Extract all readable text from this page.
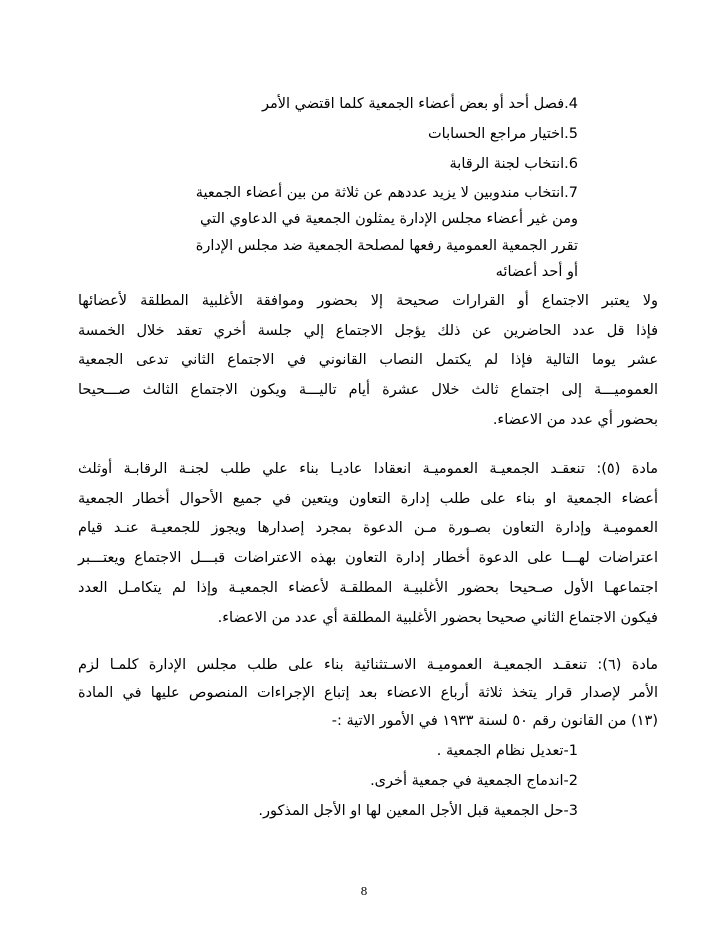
4.فصل أحد أو بعض أعضاء الجمعية كلما اقتضي الأمر
5.اختيار مراجع الحسابات
6.انتخاب لجنة الرقابة
7.انتخاب مندوبين لا يزيد عددهم عن ثلاثة من بين أعضاء الجمعية
ومن غير أعضاء مجلس الإدارة يمثلون الجمعية في الدعاوي التي
تقرر الجمعية العمومية رفعها لمصلحة الجمعية ضد مجلس الإدارة
أو أحد أعضائه
ولا يعتبر الاجتماع أو القرارات صحيحة إلا بحضور وموافقة الأغلبية المطلقة لأعضائها
فإذا قل عدد الحاضرين عن ذلك يؤجل الاجتماع إلي جلسة أخري تعقد خلال الخمسة
عشر يوما التالية فإذا لم يكتمل النصاب القانوني في الاجتماع الثاني تدعى الجمعية
العموميـــة إلى اجتماع ثالث خلال عشرة أيام تاليـــة ويكون الاجتماع الثالث صـــحيحا
بحضور أي عدد من الاعضاء.
مادة (٥): تنعقـد الجمعيـة العموميـة انعقادا عاديـا بناء علي طلب لجنـة الرقابـة أوثلث
أعضاء الجمعية او بناء على طلب إدارة التعاون ويتعين في جميع الأحوال أخطار الجمعية
العموميـة وإدارة التعاون بصـورة مـن الدعوة بمجرد إصدارها ويجوز للجمعيـة عنـد قيام
اعتراضات لهـــا على الدعوة أخطار إدارة التعاون بهذه الاعتراضات قبـــل الاجتماع ويعتـــبر
اجتماعهـا الأول صـحيحا بحضور الأغلبيـة المطلقـة لأعضاء الجمعيـة وإذا لم يتكامـل العدد
فيكون الاجتماع الثاني صحيحا بحضور الأغلبية المطلقة أي عدد من الاعضاء.
مادة (٦): تنعقـد الجمعيـة العموميـة الاسـتثنائية بناء على طلب مجلس الإدارة كلمـا لزم
الأمر لإصدار قرار يتخذ ثلاثة أرباع الاعضاء بعد إتباع الإجراءات المنصوص عليها في المادة
(١٣) من القانون رقم ٥٠ لسنة ١٩٣٣ في الأمور الاتية :-
1-تعديل نظام الجمعية .
2-اندماج الجمعية في جمعية أخرى.
3-حل الجمعية قبل الأجل المعين لها او الأجل المذكور.
8
